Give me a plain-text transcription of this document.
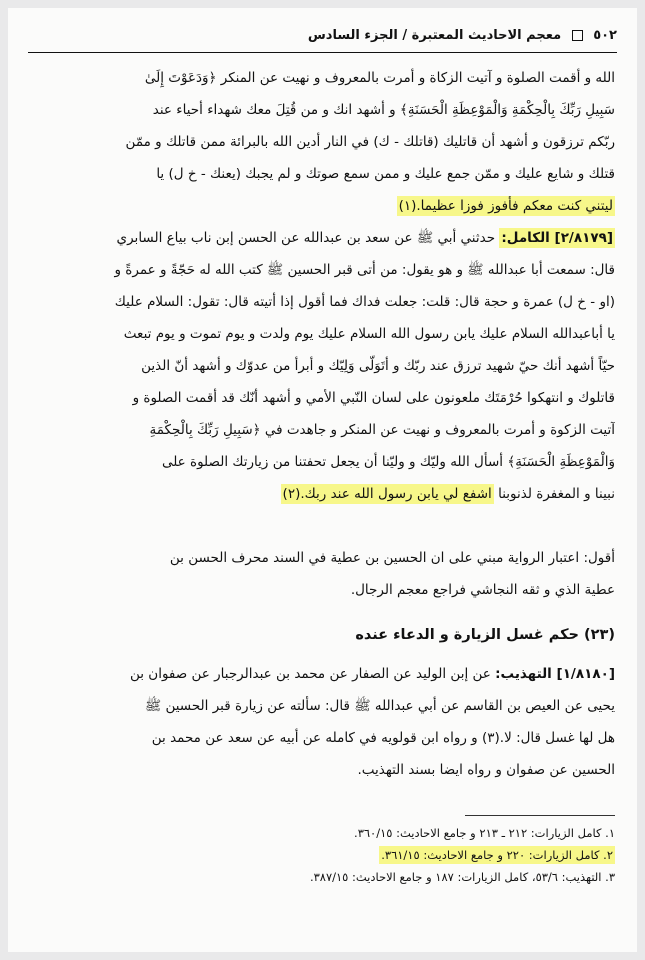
٥٠٢  معجم الاحاديث المعتبرة / الجزء السادس
الله و أقمت الصلوة و آتيت الزكاة و أمرت بالمعروف و نهيت عن المنكر ﴿وَدَعَوْتَ إِلَىٰ
سَبِيلِ رَبِّكَ بِالْحِكْمَةِ وَالْمَوْعِظَةِ الْحَسَنَةِ﴾ و أشهد انك و من قُتِلَ معك شهداء أحياء عند
ربّكم ترزقون و أشهد أن قاتليك (قاتلك - ك) في النار أدين الله بالبرائة ممن قاتلك و ممّن
قتلك و شايع عليك و ممّن جمع عليك و ممن سمع صوتك و لم يجبك (يعنك - خ ل) يا
ليتني كنت معكم فأفوز فوزا عظيما.(١)
[٢/٨١٧٩] الكامل: حدثني أبي ﷺ عن سعد بن عبدالله عن الحسن إبن ناب بياع السابري
قال: سمعت أبا عبدالله ﷺ و هو يقول: من أتى قبر الحسين ﷺ كتب الله له حَجّةً و عمرةً و
(او - خ ل) عمرة و حجة قال: قلت: جعلت فداك فما أقول إذا أتيته قال: تقول: السلام عليك
يا أباعبدالله السلام عليك يابن رسول الله السلام عليك يوم ولدت و يوم تموت و يوم تبعث
حيّاً أشهد أنك حيّ شهيد ترزق عند ربّك و أتَوَلّى وَلِيّك و أبرأ من عدوّك و أشهد أنّ الذين
قاتلوك و انتهكوا حُرْمَتَك ملعونون على لسان النّبي الأمي و أشهد أنّك قد أقمت الصلوة و
آتيت الزكوة و أمرت بالمعروف و نهيت عن المنكر و جاهدت في ﴿سَبِيلِ رَبِّكَ بِالْحِكْمَةِ
وَالْمَوْعِظَةِ الْحَسَنَةِ﴾ أسأل الله وليّك و وليّنا أن يجعل تحفتنا من زيارتك الصلوة على
نبينا و المغفرة لذنوبنا اشفع لي يابن رسول الله عند ربك.(٢)
أقول: اعتبار الرواية مبني على ان الحسين بن عطية في السند محرف الحسن بن
عطية الذي و ثقه النجاشي فراجع معجم الرجال.
(٢٣) حكم غسل الزيارة و الدعاء عنده
[١/٨١٨٠] التهذيب: عن إبن الوليد عن الصفار عن محمد بن عبدالرجبار عن صفوان بن
يحيى عن العيص بن القاسم عن أبي عبدالله ﷺ قال: سألته عن زيارة قبر الحسين ﷺ
هل لها غسل قال: لا.(٣) و رواه ابن قولويه في كامله عن أبيه عن سعد عن محمد بن
الحسين عن صفوان و رواه ايضا بسند التهذيب.
١. كامل الزيارات: ٢١٢ ـ ٢١٣ و جامع الاحاديث: ٣٦٠/١٥.
٢. كامل الزيارات: ٢٢٠ و جامع الاحاديث: ٣٦١/١٥.
٣. التهذيب: ٥٣/٦، كامل الزيارات: ١٨٧ و جامع الاحاديث: ٣٨٧/١٥.
